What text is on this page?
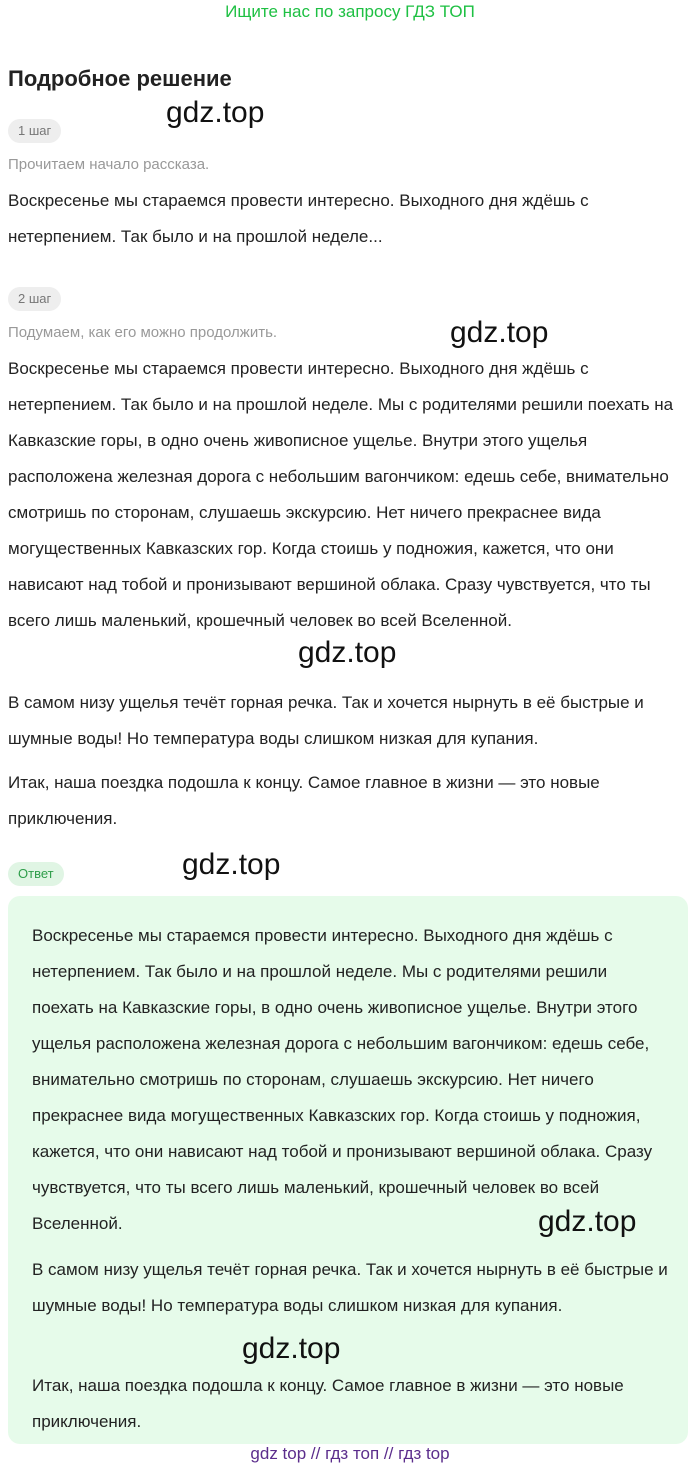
Ищите нас по запросу ГДЗ ТОП
Подробное решение
gdz.top
1 шаг

Прочитаем начало рассказа.

Воскресенье мы стараемся провести интересно. Выходного дня ждёшь с нетерпением. Так было и на прошлой неделе...

2 шаг

Подумаем, как его можно продолжить.	gdz.top

Воскресенье мы стараемся провести интересно. Выходного дня ждёшь с нетерпением. Так было и на прошлой неделе. Мы с родителями решили поехать на Кавказские горы, в одно очень живописное ущелье. Внутри этого ущелья расположена железная дорога с небольшим вагончиком: едешь себе, внимательно смотришь по сторонам, слушаешь экскурсию. Нет ничего прекраснее вида могущественных Кавказских гор. Когда стоишь у подножия, кажется, что они нависают над тобой и пронизывают вершиной облака. Сразу чувствуется, что ты всего лишь маленький, крошечный человек во всей Вселенной.

gdz.top

В самом низу ущелья течёт горная речка. Так и хочется нырнуть в её быстрые и шумные воды! Но температура воды слишком низкая для купания.

Итак, наша поездка подошла к концу. Самое главное в жизни — это новые приключения.

Ответ	gdz.top

Воскресенье мы стараемся провести интересно. Выходного дня ждёшь с нетерпением. Так было и на прошлой неделе. Мы с родителями решили поехать на Кавказские горы, в одно очень живописное ущелье. Внутри этого ущелья расположена железная дорога с небольшим вагончиком: едешь себе, внимательно смотришь по сторонам, слушаешь экскурсию. Нет ничего прекраснее вида могущественных Кавказских гор. Когда стоишь у подножия, кажется, что они нависают над тобой и пронизывают вершиной облака. Сразу чувствуется, что ты всего лишь маленький, крошечный человек во всей Вселенной.

В самом низу ущелья течёт горная речка. Так и хочется нырнуть в её быстрые и шумные воды! Но температура воды слишком низкая для купания.

Итак, наша поездка подошла к концу. Самое главное в жизни — это новые приключения.

gdz.top
gdz.top
gdz top // гдз топ // гдз top
